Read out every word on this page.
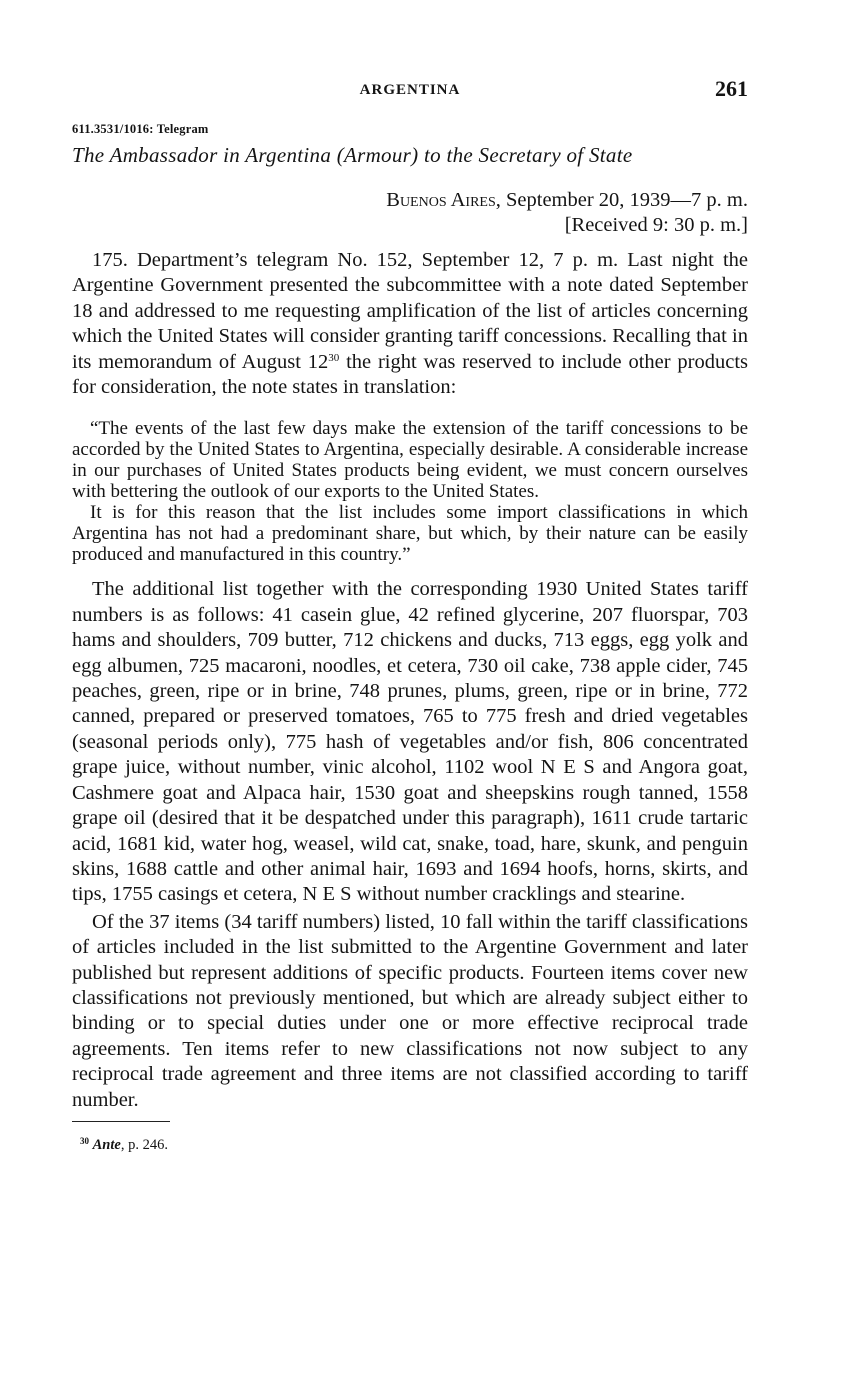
ARGENTINA	261
611.3531/1016: Telegram
The Ambassador in Argentina (Armour) to the Secretary of State
Buenos Aires, September 20, 1939—7 p. m.
[Received 9: 30 p. m.]

175. Department’s telegram No. 152, September 12, 7 p. m. Last night the Argentine Government presented the subcommittee with a note dated September 18 and addressed to me requesting amplification of the list of articles concerning which the United States will consider granting tariff concessions. Recalling that in its memorandum of August $12^{30}$ the right was reserved to include other products for consideration, the note states in translation:

“The events of the last few days make the extension of the tariff concessions to be accorded by the United States to Argentina, especially desirable. A considerable increase in our purchases of United States products being evident, we must concern ourselves with bettering the outlook of our exports to the United States.

It is for this reason that the list includes some import classifications in which Argentina has not had a predominant share, but which, by their nature can be easily produced and manufactured in this country.”

The additional list together with the corresponding 1930 United States tariff numbers is as follows: 41 casein glue, 42 refined glycerine, 207 fluorspar, 703 hams and shoulders, 709 butter, 712 chickens and ducks, 713 eggs, egg yolk and egg albumen, 725 macaroni, noodles, et cetera, 730 oil cake, 738 apple cider, 745 peaches, green, ripe or in brine, 748 prunes, plums, green, ripe or in brine, 772 canned, prepared or preserved tomatoes, 765 to 775 fresh and dried vegetables (seasonal periods only), 775 hash of vegetables and/or fish, 806 concentrated grape juice, without number, vinic alcohol, 1102 wool N E S and Angora goat, Cashmere goat and Alpaca hair, 1530 goat and sheepskins rough tanned, 1558 grape oil (desired that it be despatched under this paragraph), 1611 crude tartaric acid, 1681 kid, water hog, weasel, wild cat, snake, toad, hare, skunk, and penguin skins, 1688 cattle and other animal hair, 1693 and 1694 hoofs, horns, skirts, and tips, 1755 casings et cetera, N E S without number cracklings and stearine.

Of the 37 items (34 tariff numbers) listed, 10 fall within the tariff classifications of articles included in the list submitted to the Argentine Government and later published but represent additions of specific products. Fourteen items cover new classifications not previously mentioned, but which are already subject either to binding or to special duties under one or more effective reciprocal trade agreements. Ten items refer to new classifications not now subject to any reciprocal trade agreement and three items are not classified according to tariff number.

$^{30}$ Ante, p. 246.
